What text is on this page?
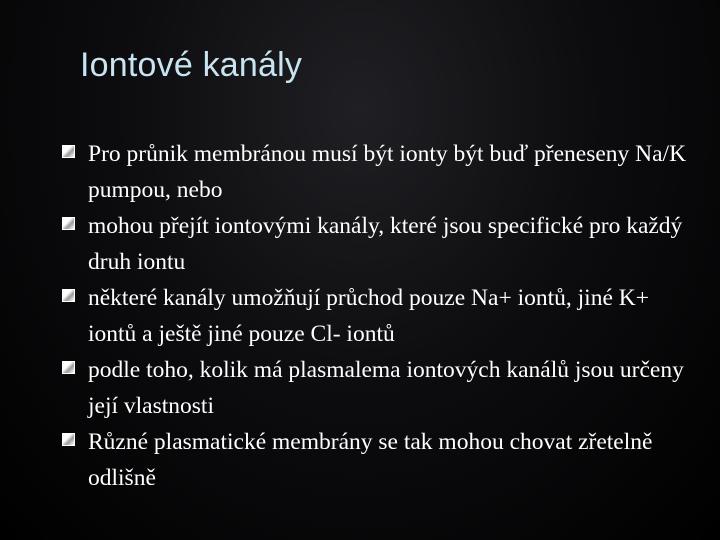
Iontové kanály
Pro průnik membránou musí být ionty být buď přeneseny Na/K pumpou, nebo
mohou přejít iontovými kanály, které jsou specifické pro každý druh iontu
některé kanály umožňují průchod pouze Na+ iontů, jiné K+ iontů a ještě jiné pouze Cl- iontů
podle toho, kolik má plasmalema iontových kanálů jsou určeny její vlastnosti
Různé plasmatické membrány se tak mohou chovat zřetelně odlišně
